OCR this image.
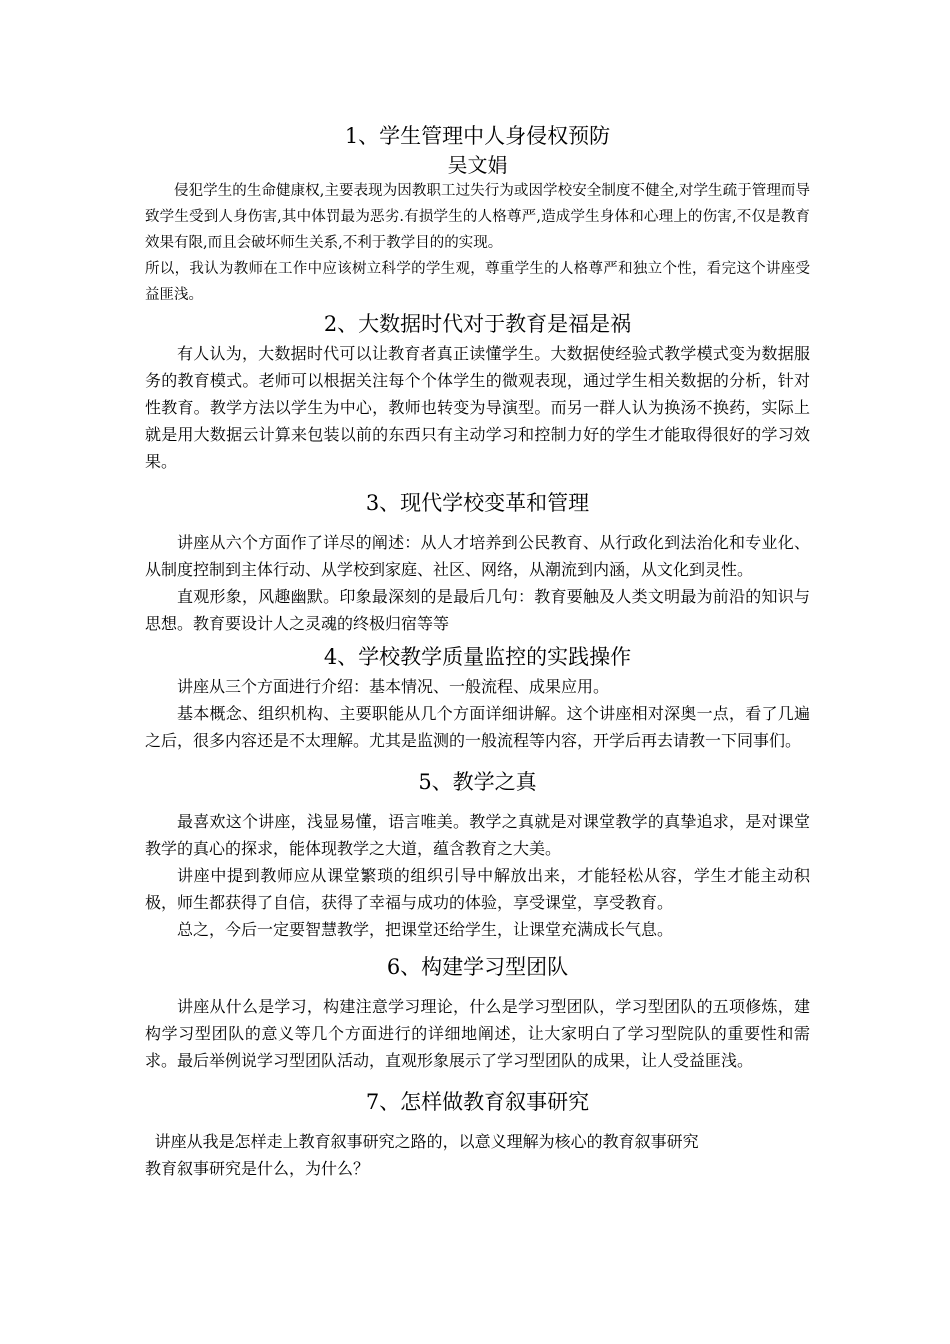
1、学生管理中人身侵权预防
吴文娟

侵犯学生的生命健康权,主要表现为因教职工过失行为或因学校安全制度不健全,对学生疏于管理而导致学生受到人身伤害,其中体罚最为恶劣.有损学生的人格尊严,造成学生身体和心理上的伤害,不仅是教育效果有限,而且会破坏师生关系,不利于教学目的的实现。

所以，我认为教师在工作中应该树立科学的学生观，尊重学生的人格尊严和独立个性，看完这个讲座受益匪浅。

2、大数据时代对于教育是福是祸

有人认为，大数据时代可以让教育者真正读懂学生。大数据使经验式教学模式变为数据服务的教育模式。老师可以根据关注每个个体学生的微观表现，通过学生相关数据的分析，针对性教育。教学方法以学生为中心，教师也转变为导演型。而另一群人认为换汤不换药，实际上就是用大数据云计算来包装以前的东西只有主动学习和控制力好的学生才能取得很好的学习效果。

3、现代学校变革和管理

讲座从六个方面作了详尽的阐述：从人才培养到公民教育、从行政化到法治化和专业化、从制度控制到主体行动、从学校到家庭、社区、网络，从潮流到内涵，从文化到灵性。

直观形象，风趣幽默。印象最深刻的是最后几句：教育要触及人类文明最为前沿的知识与思想。教育要设计人之灵魂的终极归宿等等

4、学校教学质量监控的实践操作

讲座从三个方面进行介绍：基本情况、一般流程、成果应用。

基本概念、组织机构、主要职能从几个方面详细讲解。这个讲座相对深奥一点，看了几遍之后，很多内容还是不太理解。尤其是监测的一般流程等内容，开学后再去请教一下同事们。

5、教学之真

最喜欢这个讲座，浅显易懂，语言唯美。教学之真就是对课堂教学的真挚追求，是对课堂教学的真心的探求，能体现教学之大道，蕴含教育之大美。

讲座中提到教师应从课堂繁琐的组织引导中解放出来，才能轻松从容，学生才能主动积极，师生都获得了自信，获得了幸福与成功的体验，享受课堂，享受教育。

总之，今后一定要智慧教学，把课堂还给学生，让课堂充满成长气息。

6、构建学习型团队

讲座从什么是学习，构建注意学习理论，什么是学习型团队，学习型团队的五项修炼，建构学习型团队的意义等几个方面进行的详细地阐述，让大家明白了学习型院队的重要性和需求。最后举例说学习型团队活动，直观形象展示了学习型团队的成果，让人受益匪浅。

7、怎样做教育叙事研究

讲座从我是怎样走上教育叙事研究之路的，以意义理解为核心的教育叙事研究

教育叙事研究是什么，为什么？
